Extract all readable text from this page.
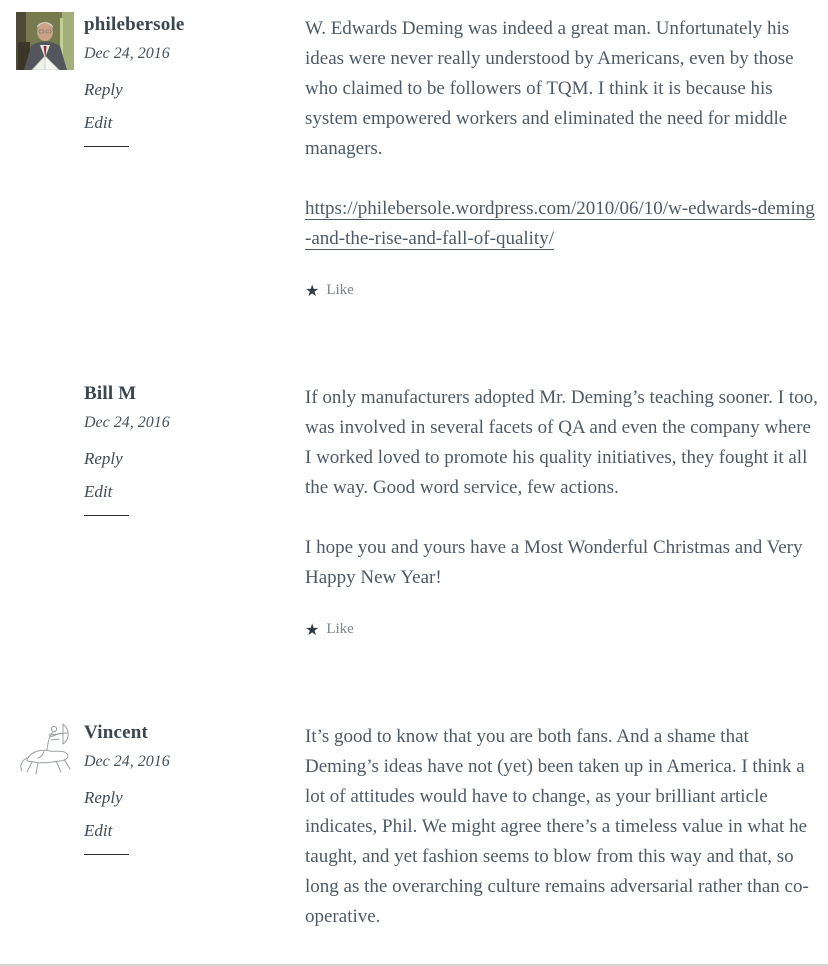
philebersole
Dec 24, 2016
Reply
Edit

W. Edwards Deming was indeed a great man. Unfortunately his ideas were never really understood by Americans, even by those who claimed to be followers of TQM. I think it is because his system empowered workers and eliminated the need for middle managers.

https://philebersole.wordpress.com/2010/06/10/w-edwards-deming-and-the-rise-and-fall-of-quality/

★ Like
Bill M
Dec 24, 2016
Reply
Edit

If only manufacturers adopted Mr. Deming’s teaching sooner. I too, was involved in several facets of QA and even the company where I worked loved to promote his quality initiatives, they fought it all the way. Good word service, few actions.

I hope you and yours have a Most Wonderful Christmas and Very Happy New Year!

★ Like
Vincent
Dec 24, 2016
Reply
Edit

It’s good to know that you are both fans. And a shame that Deming’s ideas have not (yet) been taken up in America. I think a lot of attitudes would have to change, as your brilliant article indicates, Phil. We might agree there’s a timeless value in what he taught, and yet fashion seems to blow from this way and that, so long as the overarching culture remains adversarial rather than co-operative.
